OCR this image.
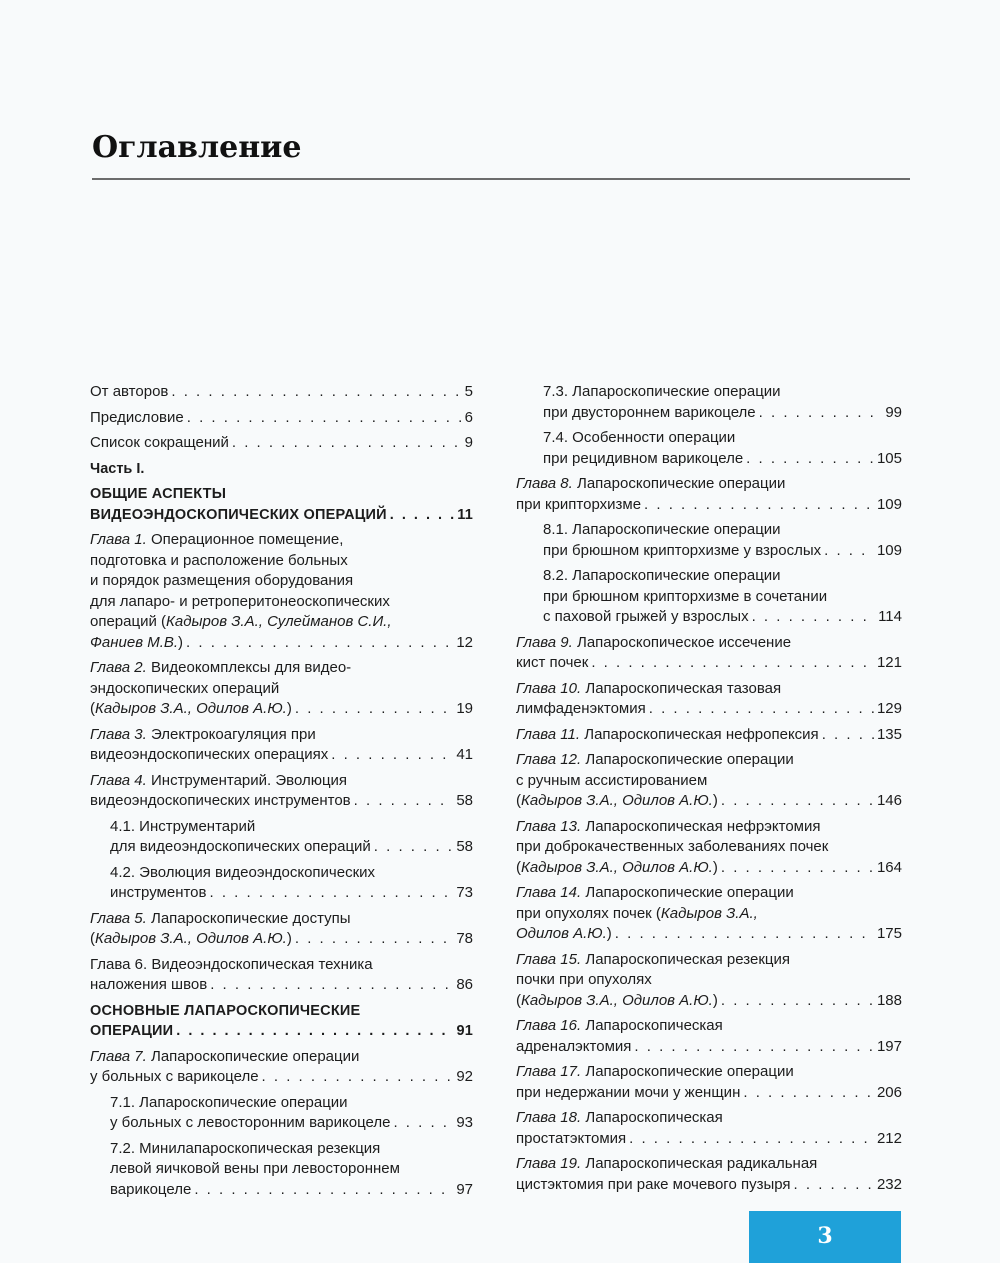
Оглавление
От авторов . . .	5
Предисловие . . .	6
Список сокращений . . .	9
Часть I.
ОБЩИЕ АСПЕКТЫ
ВИДЕОЭНДОСКОПИЧЕСКИХ ОПЕРАЦИЙ . . .	11
Глава 1. Операционное помещение,
подготовка и расположение больных
и порядок размещения оборудования
для лапаро- и ретроперитонеоскопических
операций (Кадыров З.А., Сулейманов С.И.,
Фаниев М.В.) . . .	12
Глава 2. Видеокомплексы для видео-
эндоскопических операций
(Кадыров З.А., Одилов А.Ю.) . . .	19
Глава 3. Электрокоагуляция при
видеоэндоскопических операциях . . .	41
Глава 4. Инструментарий. Эволюция
видеоэндоскопических инструментов . . .	58
4.1. Инструментарий
для видеоэндоскопических операций . . .	58
4.2. Эволюция видеоэндоскопических
инструментов . . .	73
Глава 5. Лапароскопические доступы
(Кадыров З.А., Одилов А.Ю.) . . .	78
Глава 6. Видеоэндоскопическая техника
наложения швов . . .	86
ОСНОВНЫЕ ЛАПАРОСКОПИЧЕСКИЕ
ОПЕРАЦИИ . . .	91
Глава 7. Лапароскопические операции
у больных с варикоцеле . . .	92
7.1. Лапароскопические операции
у больных с левосторонним варикоцеле . . .	93
7.2. Минилапароскопическая резекция
левой яичковой вены при левостороннем
варикоцеле . . .	97
7.3. Лапароскопические операции
при двустороннем варикоцеле . . .	99
7.4. Особенности операции
при рецидивном варикоцеле . . .	105
Глава 8. Лапароскопические операции
при крипторхизме . . .	109
8.1. Лапароскопические операции
при брюшном крипторхизме у взрослых . . .	109
8.2. Лапароскопические операции
при брюшном крипторхизме в сочетании
с паховой грыжей у взрослых . . .	114
Глава 9. Лапароскопическое иссечение
кист почек . . .	121
Глава 10. Лапароскопическая тазовая
лимфаденэктомия . . .	129
Глава 11. Лапароскопическая нефропексия . . .	135
Глава 12. Лапароскопические операции
с ручным ассистированием
(Кадыров З.А., Одилов А.Ю.) . . .	146
Глава 13. Лапароскопическая нефрэктомия
при доброкачественных заболеваниях почек
(Кадыров З.А., Одилов А.Ю.) . . .	164
Глава 14. Лапароскопические операции
при опухолях почек (Кадыров З.А.,
Одилов А.Ю.) . . .	175
Глава 15. Лапароскопическая резекция
почки при опухолях
(Кадыров З.А., Одилов А.Ю.) . . .	188
Глава 16. Лапароскопическая
адреналэктомия . . .	197
Глава 17. Лапароскопические операции
при недержании мочи у женщин . . .	206
Глава 18. Лапароскопическая
простатэктомия . . .	212
Глава 19. Лапароскопическая радикальная
цистэктомия при раке мочевого пузыря . . .	232
3
